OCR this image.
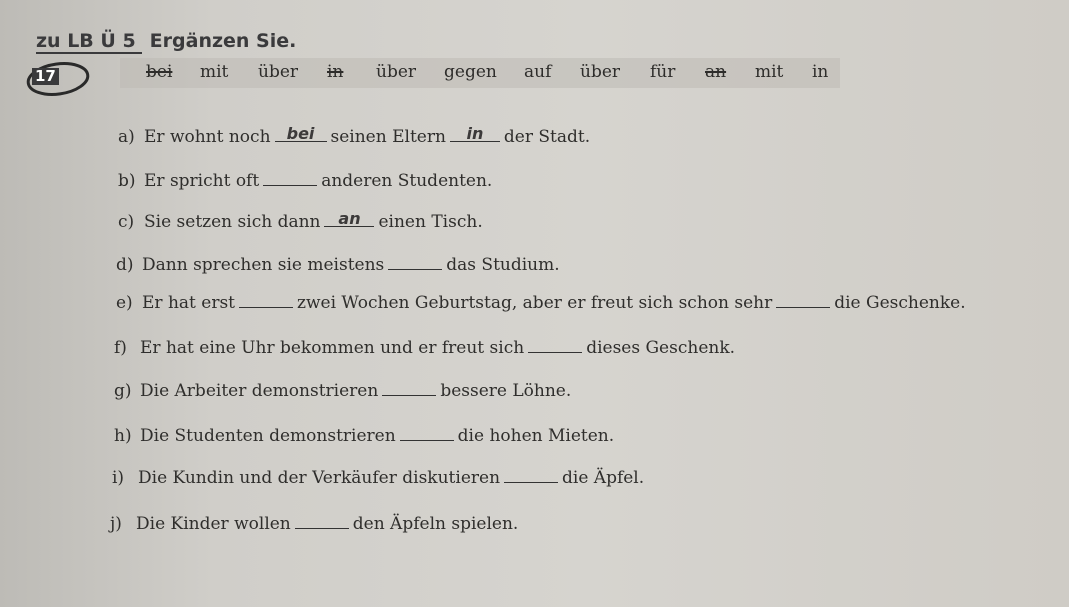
zu LB Ü 5 Ergänzen Sie.
17	bei mit über in über gegen auf über für an mit in
a) Er wohnt noch	bei seinen Eltern	in	der Stadt.
b) Er spricht oft	anderen Studenten.
c) Sie setzen sich dann	an	einen Tisch.
d) Dann sprechen sie meistens	das Studium.
e) Er hat erst	zwei Wochen Geburtstag, aber er freut sich schon sehr	die Geschenke.
f) Er hat eine Uhr bekommen und er freut sich	dieses Geschenk.
g) Die Arbeiter demonstrieren	bessere Löhne.
h) Die Studenten demonstrieren	die hohen Mieten.
i) Die Kundin und der Verkäufer diskutieren	die Äpfel.
j) Die Kinder wollen	den Äpfeln spielen.
